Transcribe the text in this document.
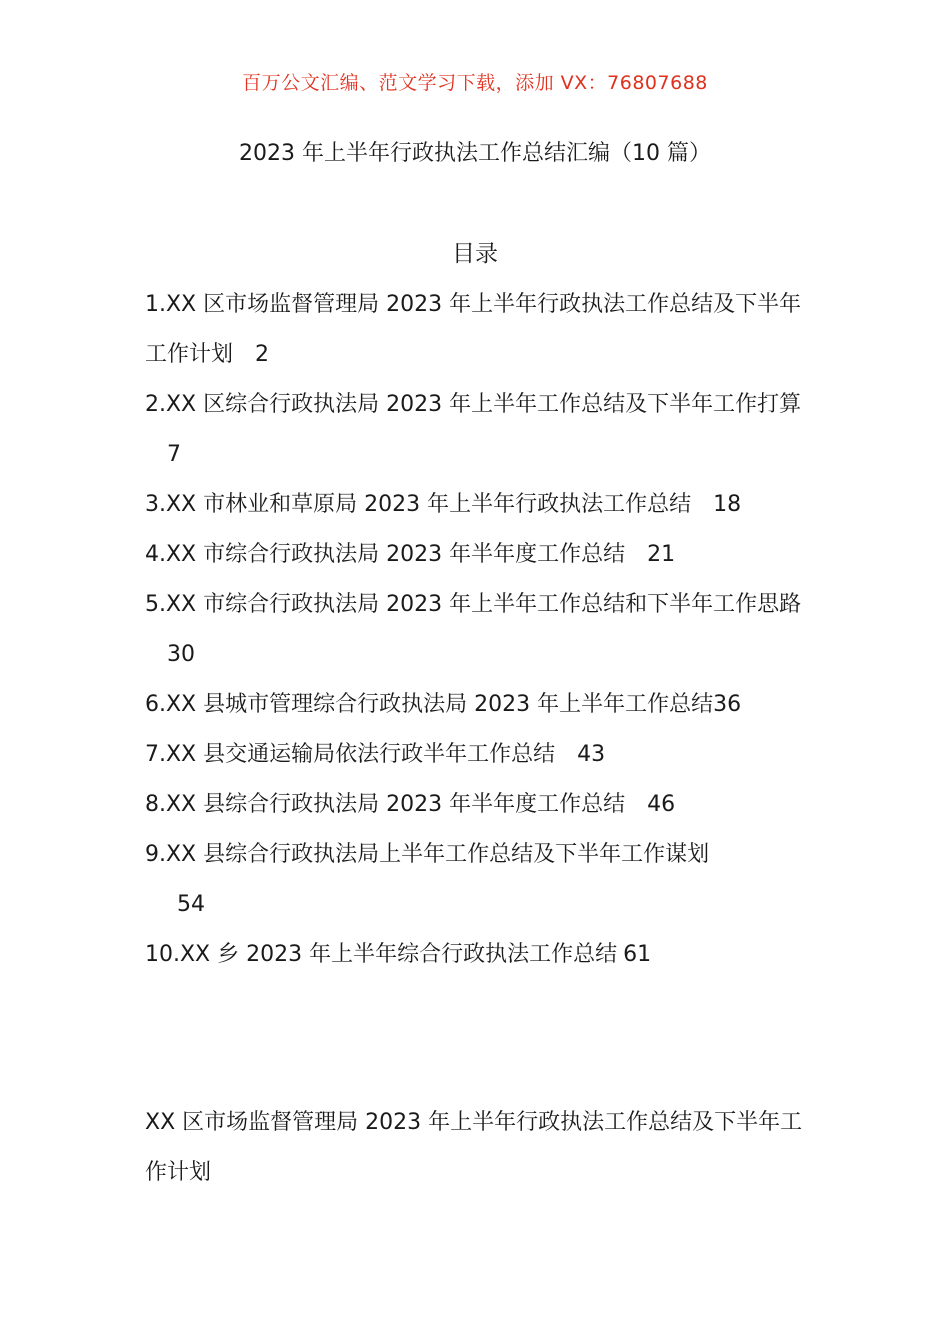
百万公文汇编、范文学习下载，添加 VX：76807688
2023 年上半年行政执法工作总结汇编（10 篇）
目录
1.XX 区市场监督管理局 2023 年上半年行政执法工作总结及下半年工作计划 2
2.XX 区综合行政执法局 2023 年上半年工作总结及下半年工作打算7
3.XX 市林业和草原局 2023 年上半年行政执法工作总结 18
4.XX 市综合行政执法局 2023 年半年度工作总结 21
5.XX 市综合行政执法局 2023 年上半年工作总结和下半年工作思路30
6.XX 县城市管理综合行政执法局 2023 年上半年工作总结36
7.XX 县交通运输局依法行政半年工作总结 43
8.XX 县综合行政执法局 2023 年半年度工作总结 46
9.XX 县综合行政执法局上半年工作总结及下半年工作谋划
54
10.XX 乡 2023 年上半年综合行政执法工作总结 61
XX 区市场监督管理局 2023 年上半年行政执法工作总结及下半年工作计划
